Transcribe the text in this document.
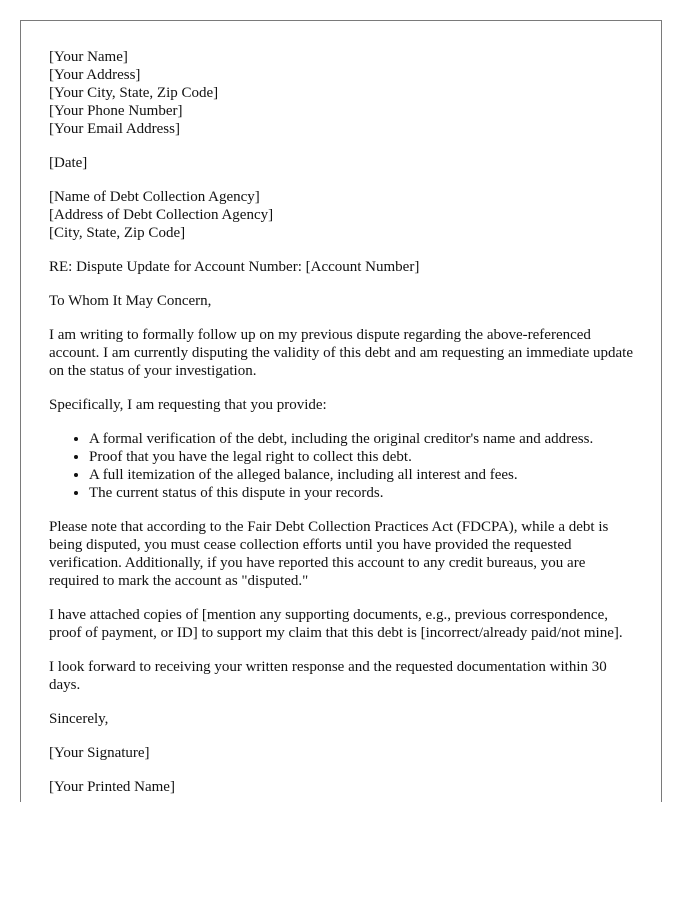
[Your Name]
[Your Address]
[Your City, State, Zip Code]
[Your Phone Number]
[Your Email Address]

[Date]

[Name of Debt Collection Agency]
[Address of Debt Collection Agency]
[City, State, Zip Code]

RE: Dispute Update for Account Number: [Account Number]

To Whom It May Concern,

I am writing to formally follow up on my previous dispute regarding the above-referenced account. I am currently disputing the validity of this debt and am requesting an immediate update on the status of your investigation.

Specifically, I am requesting that you provide:

• A formal verification of the debt, including the original creditor's name and address.
• Proof that you have the legal right to collect this debt.
• A full itemization of the alleged balance, including all interest and fees.
• The current status of this dispute in your records.

Please note that according to the Fair Debt Collection Practices Act (FDCPA), while a debt is being disputed, you must cease collection efforts until you have provided the requested verification. Additionally, if you have reported this account to any credit bureaus, you are required to mark the account as "disputed."

I have attached copies of [mention any supporting documents, e.g., previous correspondence, proof of payment, or ID] to support my claim that this debt is [incorrect/already paid/not mine].

I look forward to receiving your written response and the requested documentation within 30 days.

Sincerely,

[Your Signature]

[Your Printed Name]
